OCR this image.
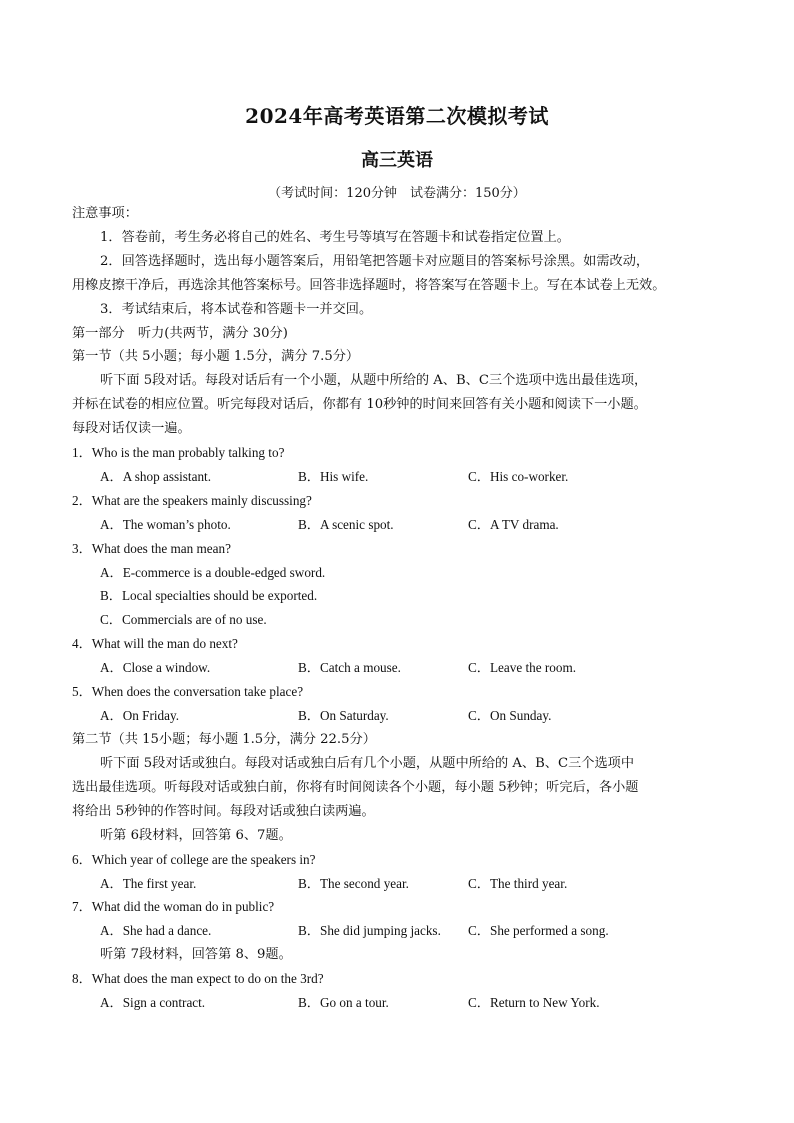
2024年高考英语第二次模拟考试
高三英语
（考试时间：120分钟　试卷满分：150分）
注意事项：
1．答卷前，考生务必将自己的姓名、考生号等填写在答题卡和试卷指定位置上。
2．回答选择题时，选出每小题答案后，用铅笔把答题卡对应题目的答案标号涂黑。如需改动，
用橡皮擦干净后，再选涂其他答案标号。回答非选择题时，将答案写在答题卡上。写在本试卷上无效。
3．考试结束后，将本试卷和答题卡一并交回。
第一部分　听力(共两节，满分 30分)
第一节（共 5小题；每小题 1.5分，满分 7.5分）
听下面 5段对话。每段对话后有一个小题，从题中所给的 A、B、C三个选项中选出最佳选项，
并标在试卷的相应位置。听完每段对话后，你都有 10秒钟的时间来回答有关小题和阅读下一小题。
每段对话仅读一遍。
1．Who is the man probably talking to?
A．A shop assistant.	B．His wife.	C．His co-worker.
2．What are the speakers mainly discussing?
A．The woman’s photo.	B．A scenic spot.	C．A TV drama.
3．What does the man mean?
A．E-commerce is a double-edged sword.
B．Local specialties should be exported.
C．Commercials are of no use.
4．What will the man do next?
A．Close a window.	B．Catch a mouse.	C．Leave the room.
5．When does the conversation take place?
A．On Friday.	B．On Saturday.	C．On Sunday.
第二节（共 15小题；每小题 1.5分，满分 22.5分）
听下面 5段对话或独白。每段对话或独白后有几个小题，从题中所给的 A、B、C三个选项中
选出最佳选项。听每段对话或独白前，你将有时间阅读各个小题，每小题 5秒钟；听完后，各小题
将给出 5秒钟的作答时间。每段对话或独白读两遍。
听第 6段材料，回答第 6、7题。
6．Which year of college are the speakers in?
A．The first year.	B．The second year.	C．The third year.
7．What did the woman do in public?
A．She had a dance.	B．She did jumping jacks. C．She performed a song.
听第 7段材料，回答第 8、9题。
8．What does the man expect to do on the 3rd?
A．Sign a contract.	B．Go on a tour.	C．Return to New York.
